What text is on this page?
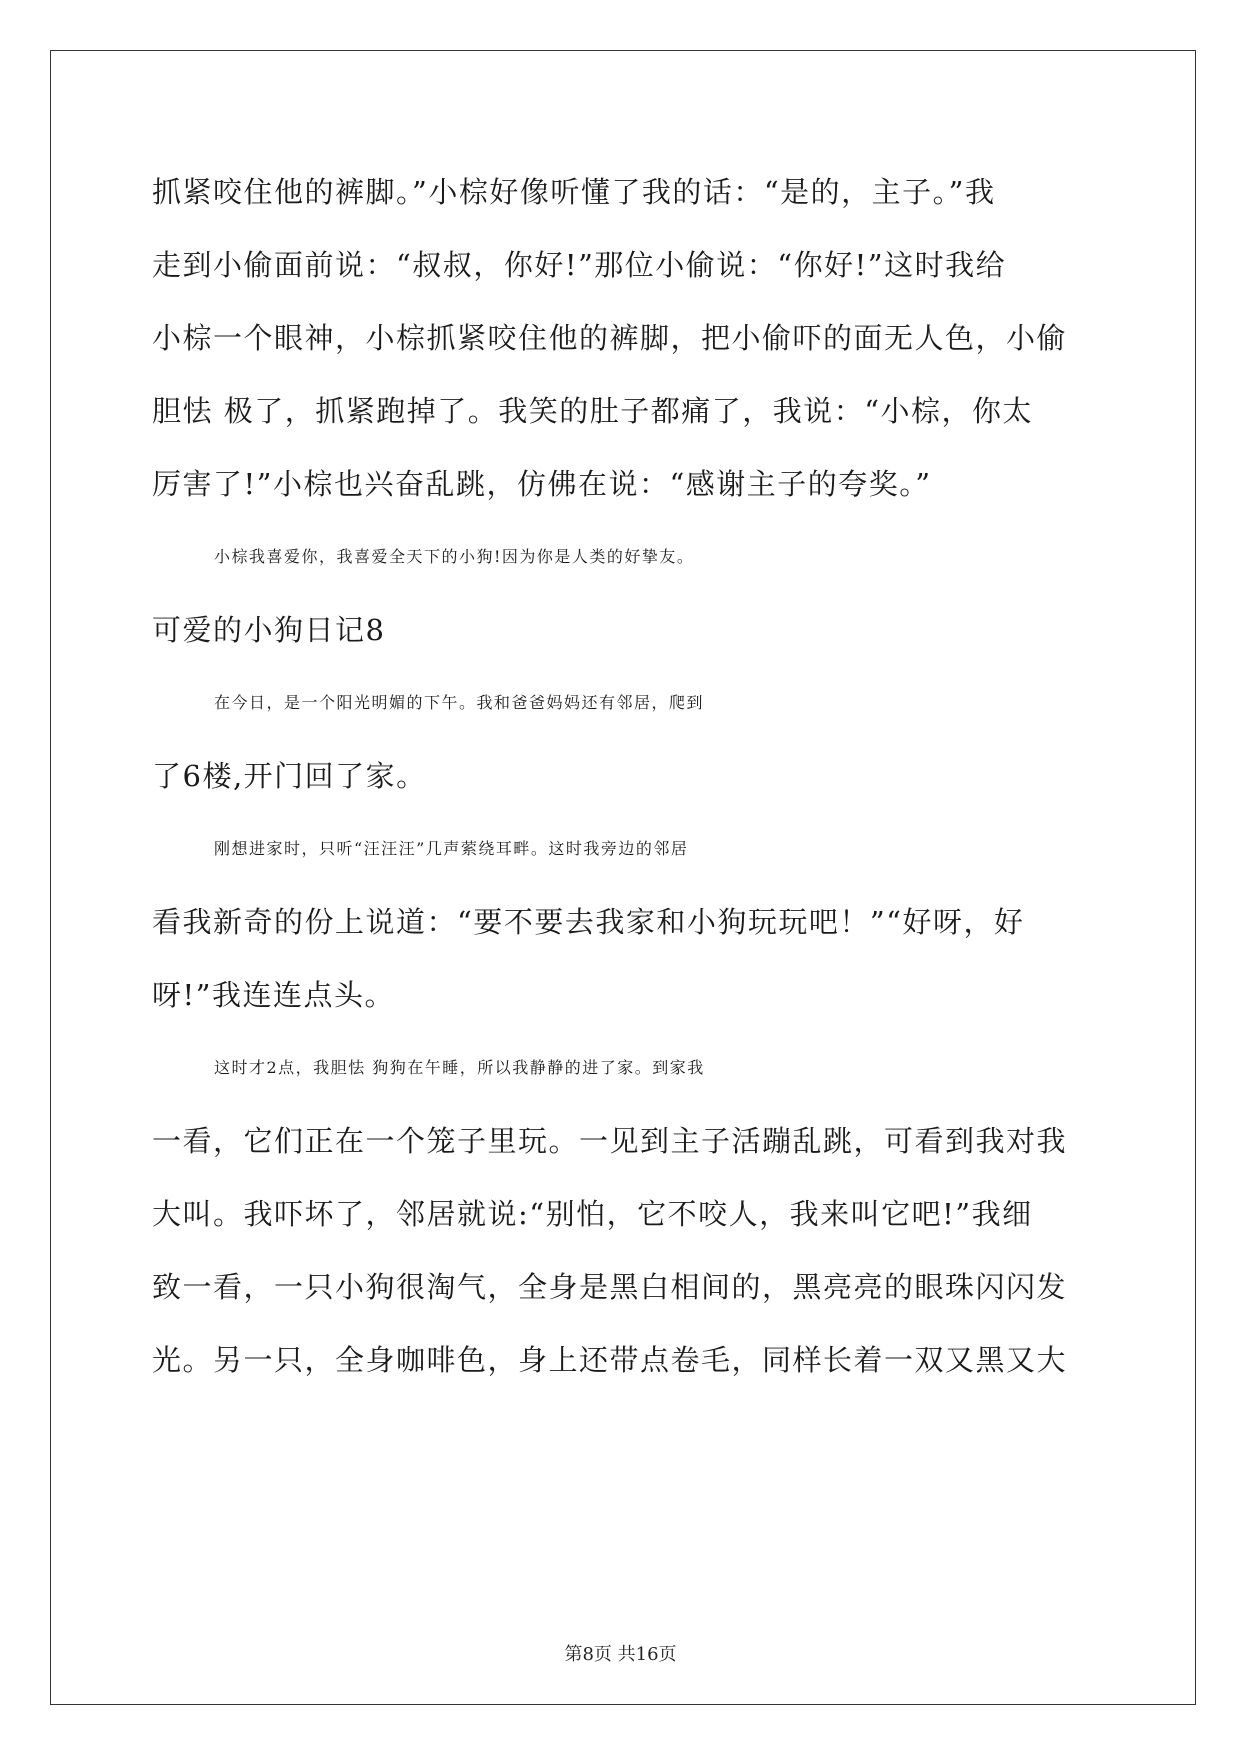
抓紧咬住他的裤脚。”小棕好像听懂了我的话：“是的，主子。”我
走到小偷面前说：“叔叔，你好!”那位小偷说：“你好!”这时我给
小棕一个眼神，小棕抓紧咬住他的裤脚，把小偷吓的面无人色，小偷
胆怯 极了，抓紧跑掉了。我笑的肚子都痛了，我说：“小棕，你太
厉害了!”小棕也兴奋乱跳，仿佛在说：“感谢主子的夸奖。”
小棕我喜爱你，我喜爱全天下的小狗!因为你是人类的好挚友。
可爱的小狗日记8
在今日，是一个阳光明媚的下午。我和爸爸妈妈还有邻居，爬到
了6楼,开门回了家。
刚想进家时，只听“汪汪汪”几声萦绕耳畔。这时我旁边的邻居
看我新奇的份上说道：“要不要去我家和小狗玩玩吧！”“好呀，好
呀!”我连连点头。
这时才2点，我胆怯 狗狗在午睡，所以我静静的进了家。到家我
一看，它们正在一个笼子里玩。一见到主子活蹦乱跳，可看到我对我
大叫。我吓坏了，邻居就说:“别怕，它不咬人，我来叫它吧!”我细
致一看，一只小狗很淘气，全身是黑白相间的，黑亮亮的眼珠闪闪发
光。另一只，全身咖啡色，身上还带点卷毛，同样长着一双又黑又大
第8页 共16页
